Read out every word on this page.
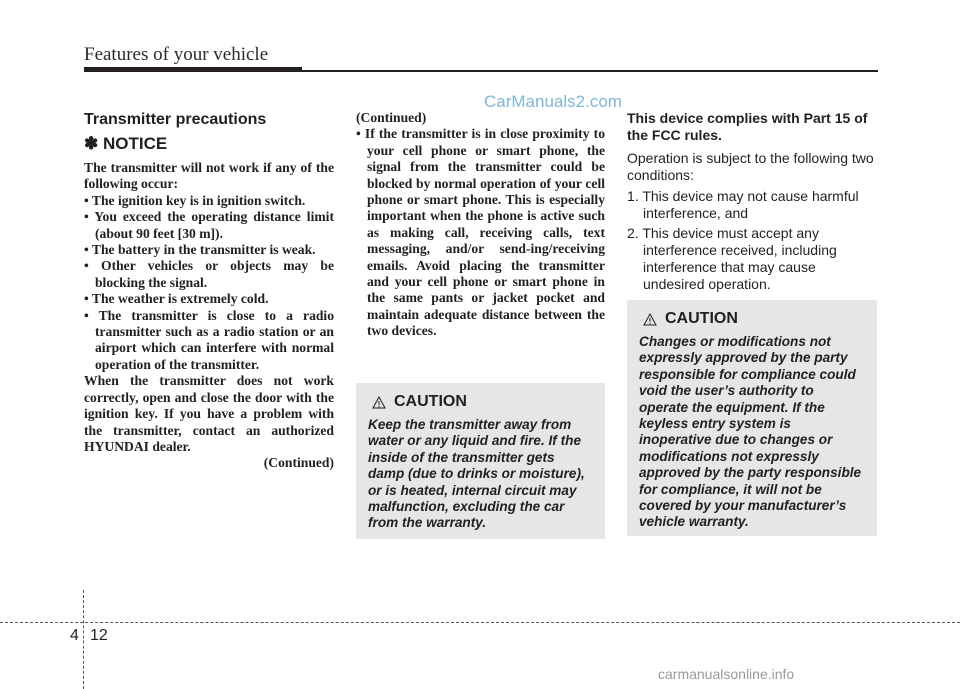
Features of your vehicle
CarManuals2.com
Transmitter precautions
✽ NOTICE

The transmitter will not work if any of the following occur:

• The ignition key is in ignition switch.
• You exceed the operating distance limit (about 90 feet [30 m]).
• The battery in the transmitter is weak.
• Other vehicles or objects may be blocking the signal.
• The weather is extremely cold.
• The transmitter is close to a radio transmitter such as a radio station or an airport which can interfere with normal operation of the transmitter.

When the transmitter does not work correctly, open and close the door with the ignition key. If you have a problem with the transmitter, contact an authorized HYUNDAI dealer.

(Continued)

(Continued)

• If the transmitter is in close proximity to your cell phone or smart phone, the signal from the transmitter could be blocked by normal operation of your cell phone or smart phone. This is especially important when the phone is active such as making call, receiving calls, text messaging, and/or send-ing/receiving emails. Avoid placing the transmitter and your cell phone or smart phone in the same pants or jacket pocket and maintain adequate distance between the two devices.
CAUTION

Keep the transmitter away from water or any liquid and fire. If the inside of the transmitter gets damp (due to drinks or moisture), or is heated, internal circuit may malfunction, excluding the car from the warranty.

This device complies with Part 15 of the FCC rules.

Operation is subject to the following two conditions:

1. This device may not cause harmful interference, and
2. This device must accept any interference received, including interference that may cause undesired operation.
CAUTION

Changes or modifications not expressly approved by the party responsible for compliance could void the user’s authority to operate the equipment. If the keyless entry system is inoperative due to changes or modifications not expressly approved by the party responsible for compliance, it will not be covered by your manufacturer’s vehicle warranty.

4 12
carmanualsonline.info
